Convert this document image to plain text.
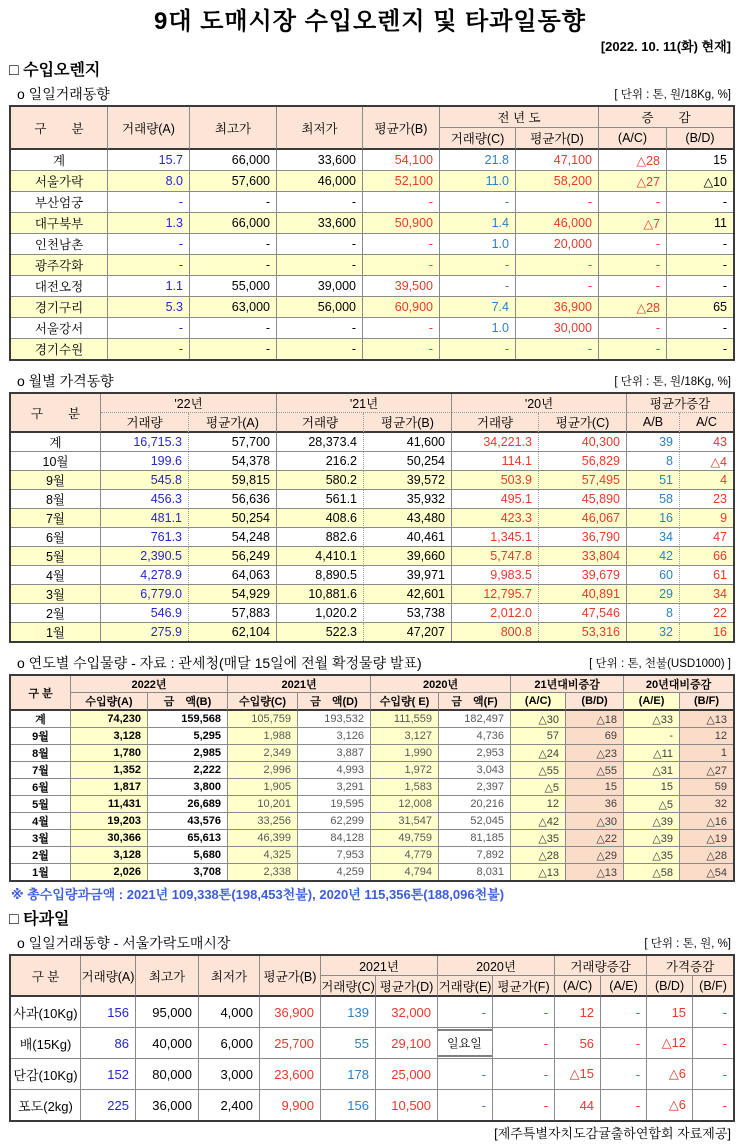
9대 도매시장 수입오렌지 및 타과일동향
[2022. 10. 11(화) 현재]
□ 수입오렌지
o 일일거래동향	[ 단위 : 톤, 원/18Kg, %]
구　　분	거래량(A)	최고가	최저가	평균가(B)	전 년 도		증　　감	
					거래량(C)	평균가(D)	(A/C)	(B/D)
계	15.7	66,000	33,600	54,100	21.8	47,100	△28	15
서울가락	8.0	57,600	46,000	52,100	11.0	58,200	△27	△10
부산엄궁	-	-	-	-	-	-	-	-
대구북부	1.3	66,000	33,600	50,900	1.4	46,000	△7	11
인천남촌	-	-	-	-	1.0	20,000	-	-
광주각화	-	-	-	-	-	-	-	-
대전오정	1.1	55,000	39,000	39,500	-	-	-	-
경기구리	5.3	63,000	56,000	60,900	7.4	36,900	△28	65
서울강서	-	-	-	-	1.0	30,000	-	-
경기수원	-	-	-	-	-	-	-	-
o 월별 가격동향	[ 단위 : 톤, 원/18Kg, %]
구　　분	'22년		'21년		'20년		평균가증감	
	거래량	평균가(A)	거래량	평균가(B)	거래량	평균가(C)	A/B	A/C
계	16,715.3	57,700	28,373.4	41,600	34,221.3	40,300	39	43
10월	199.6	54,378	216.2	50,254	114.1	56,829	8	△4
9월	545.8	59,815	580.2	39,572	503.9	57,495	51	4
8월	456.3	56,636	561.1	35,932	495.1	45,890	58	23
7월	481.1	50,254	408.6	43,480	423.3	46,067	16	9
6월	761.3	54,248	882.6	40,461	1,345.1	36,790	34	47
5월	2,390.5	56,249	4,410.1	39,660	5,747.8	33,804	42	66
4월	4,278.9	64,063	8,890.5	39,971	9,983.5	39,679	60	61
3월	6,779.0	54,929	10,881.6	42,601	12,795.7	40,891	29	34
2월	546.9	57,883	1,020.2	53,738	2,012.0	47,546	8	22
1월	275.9	62,104	522.3	47,207	800.8	53,316	32	16
o 연도별 수입물량 - 자료 : 관세청(매달 15일에 전월 확정물량 발표)	[ 단위 : 톤, 천불(USD1000) ]
구 분	2022년		2021년		2020년		21년대비증감		20년대비증감	
	수입량(A)	금　액(B)	수입량(C)	금　액(D)	수입량( E)	금　액(F)	(A/C)	(B/D)	(A/E)	(B/F)
계	74,230	159,568	105,759	193,532	111,559	182,497	△30	△18	△33	△13
9월	3,128	5,295	1,988	3,126	3,127	4,736	57	69	-	12
8월	1,780	2,985	2,349	3,887	1,990	2,953	△24	△23	△11	1
7월	1,352	2,222	2,996	4,993	1,972	3,043	△55	△55	△31	△27
6월	1,817	3,800	1,905	3,291	1,583	2,397	△5	15	15	59
5월	11,431	26,689	10,201	19,595	12,008	20,216	12	36	△5	32
4월	19,203	43,576	33,256	62,299	31,547	52,045	△42	△30	△39	△16
3월	30,366	65,613	46,399	84,128	49,759	81,185	△35	△22	△39	△19
2월	3,128	5,680	4,325	7,953	4,779	7,892	△28	△29	△35	△28
1월	2,026	3,708	2,338	4,259	4,794	8,031	△13	△13	△58	△54
※ 총수입량과금액 : 2021년 109,338톤(198,453천불), 2020년 115,356톤(188,096천불)
□ 타과일
o 일일거래동향 - 서울가락도매시장	[ 단위 : 톤, 원, %]
구 분	거래량(A)	최고가	최저가	평균가(B)	2021년		2020년		거래량증감		가격증감	
					거래량(C)	평균가(D)	거래량(E)	평균가(F)	(A/C)	(A/E)	(B/D)	(B/F)
사과(10Kg)	156	95,000	4,000	36,900	139	32,000	-	-	12	-	15	-
배(15Kg)	86	40,000	6,000	25,700	55	29,100	일요일	-	56	-	△12	-
단감(10Kg)	152	80,000	3,000	23,600	178	25,000	-	-	△15	-	△6	-
포도(2kg)	225	36,000	2,400	9,900	156	10,500	-	-	44	-	△6	-
[제주특별자치도감귤출하연합회 자료제공]
